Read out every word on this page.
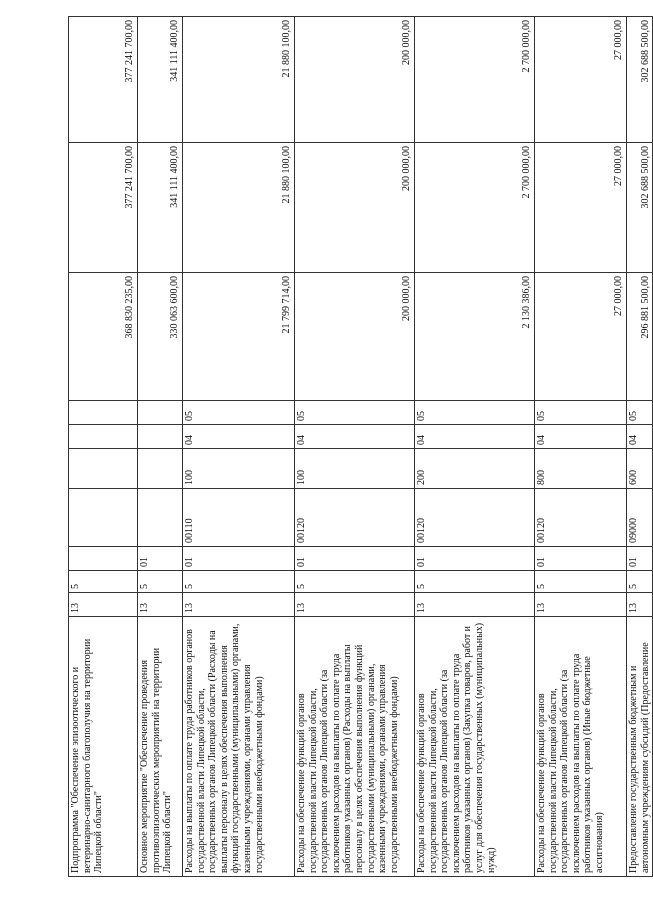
Подпрограмма "Обеспечение эпизоотического и ветеринарно-санитарного благополучия на территории Липецкой области"	13	5						368 830 235,00	377 241 700,00	377 241 700,00
Основное мероприятие "Обеспечение проведения противоэпизоотических мероприятий на территории Липецкой области"	13	5	01					330 063 600,00	341 111 400,00	341 111 400,00
Расходы на выплаты по оплате труда работников органов государственной власти Липецкой области, государственных органов Липецкой области (Расходы на выплаты персоналу в целях обеспечения выполнения функций государственными (муниципальными) органами, казенными учреждениями, органами управления государственными внебюджетными фондами)	13	5	01	00110	100	04	05	21 799 714,00	21 880 100,00	21 880 100,00
Расходы на обеспечение функций органов государственной власти Липецкой области, государственных органов Липецкой области (за исключением расходов на выплаты по оплате труда работников указанных органов) (Расходы на выплаты персоналу в целях обеспечения выполнения функций государственными (муниципальными) органами, казенными учреждениями, органами управления государственными внебюджетными фондами)	13	5	01	00120	100	04	05	200 000,00	200 000,00	200 000,00
Расходы на обеспечение функций органов государственной власти Липецкой области, государственных органов Липецкой области (за исключением расходов на выплаты по оплате труда работников указанных органов) (Закупка товаров, работ и услуг для обеспечения государственных (муниципальных) нужд)	13	5	01	00120	200	04	05	2 130 386,00	2 700 000,00	2 700 000,00
Расходы на обеспечение функций органов государственной власти Липецкой области, государственных органов Липецкой области (за исключением расходов на выплаты по оплате труда работников указанных органов) (Иные бюджетные ассигнования)	13	5	01	00120	800	04	05	27 000,00	27 000,00	27 000,00
Предоставление государственным бюджетным и автономным учреждениям субсидий (Предоставление	13	5	01	09000	600	04	05	296 881 500,00	302 688 500,00	302 688 500,00
